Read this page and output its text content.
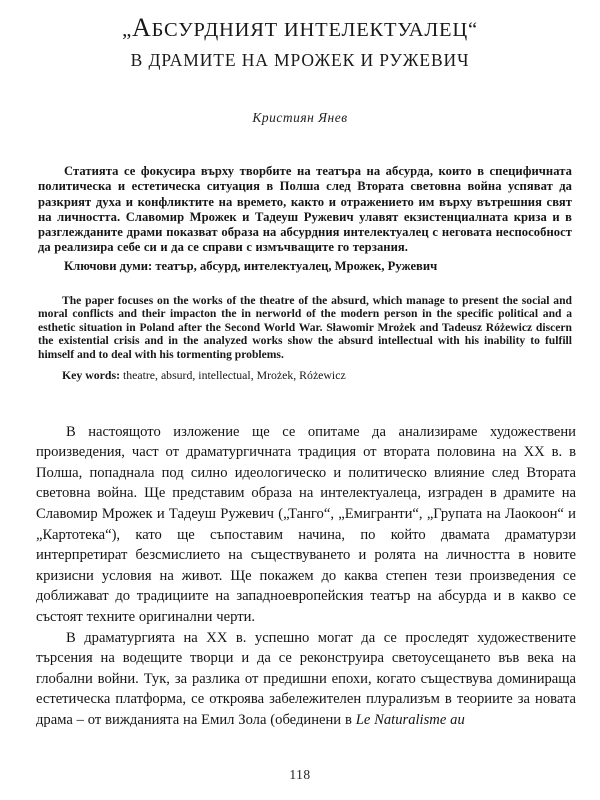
„АБСУРДНИЯТ ИНТЕЛЕКТУАЛЕЦ“
В ДРАМИТЕ НА МРОЖЕК И РУЖЕВИЧ
Кристиян Янев

Статията се фокусира върху творбите на театъра на абсурда, които в специфичната политическа и естетическа ситуация в Полша след Втората световна война успяват да разкрият духа и конфликтите на времето, както и отражението им върху вътрешния свят на личността. Славомир Мрожек и Тадеуш Ружевич улавят екзистенциалната криза и в разглежданите драми показват образа на абсурдния интелектуалец с неговата неспособност да реализира себе си и да се справи с измъчващите го терзания.

Ключови думи: театър, абсурд, интелектуалец, Мрожек, Ружевич

The paper focuses on the works of the theatre of the absurd, which manage to present the social and moral conflicts and their impacton the in nerworld of the modern person in the specific political and a esthetic situation in Poland after the Second World War. Sławomir Mrożek and Tadeusz Różewicz discern the existential crisis and in the analyzed works show the absurd intellectual with his inability to fulfill himself and to deal with his tormenting problems.

Key words: theatre, absurd, intellectual, Mrożek, Różewicz

В настоящото изложение ще се опитаме да анализираме художествени произведения, част от драматургичната традиция от втората половина на XX в. в Полша, попаднала под силно идеологическо и политическо влияние след Втората световна война. Ще представим образа на интелектуалеца, изграден в драмите на Славомир Мрожек и Тадеуш Ружевич („Танго“, „Емигранти“, „Групата на Лаокоон“ и „Картотека“), като ще съпоставим начина, по който двамата драматурзи интерпретират безсмислието на съществуването и ролята на личността в новите кризисни условия на живот. Ще покажем до каква степен тези произведения се доближават до традициите на западноевропейския театър на абсурда и в какво се състоят техните оригинални черти.

В драматургията на XX в. успешно могат да се проследят художествените търсения на водещите творци и да се реконструира светоусещането във века на глобални войни. Тук, за разлика от предишни епохи, когато съществува доминираща естетическа платформа, се откроява забележителен плурализъм в теориите за новата драма – от вижданията на Емил Зола (обединени в Le Naturalisme au

118
